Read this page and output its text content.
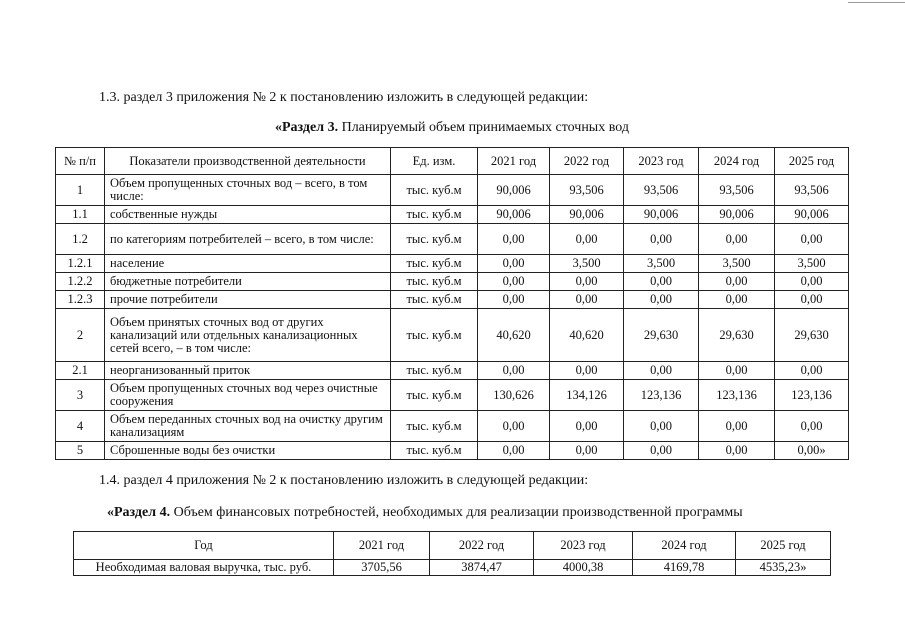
1.3. раздел 3 приложения № 2 к постановлению изложить в следующей редакции:
«Раздел 3. Планируемый объем принимаемых сточных вод
№ п/п	Показатели производственной деятельности	Ед. изм.	2021 год	2022 год	2023 год	2024 год	2025 год
1	Объем пропущенных сточных вод – всего, в том числе:	тыс. куб.м	90,006	93,506	93,506	93,506	93,506
1.1	собственные нужды	тыс. куб.м	90,006	90,006	90,006	90,006	90,006
1.2	по категориям потребителей – всего, в том числе:	тыс. куб.м	0,00	0,00	0,00	0,00	0,00
1.2.1	население	тыс. куб.м	0,00	3,500	3,500	3,500	3,500
1.2.2	бюджетные потребители	тыс. куб.м	0,00	0,00	0,00	0,00	0,00
1.2.3	прочие потребители	тыс. куб.м	0,00	0,00	0,00	0,00	0,00
2	Объем принятых сточных вод от других канализаций или отдельных канализационных сетей всего, – в том числе:	тыс. куб.м	40,620	40,620	29,630	29,630	29,630
2.1	неорганизованный приток	тыс. куб.м	0,00	0,00	0,00	0,00	0,00
3	Объем пропущенных сточных вод через очистные сооружения	тыс. куб.м	130,626	134,126	123,136	123,136	123,136
4	Объем переданных сточных вод на очистку другим канализациям	тыс. куб.м	0,00	0,00	0,00	0,00	0,00
5	Сброшенные воды без очистки	тыс. куб.м	0,00	0,00	0,00	0,00	0,00»
1.4. раздел 4 приложения № 2 к постановлению изложить в следующей редакции:
«Раздел 4. Объем финансовых потребностей, необходимых для реализации производственной программы
Год	2021 год	2022 год	2023 год	2024 год	2025 год
Необходимая валовая выручка, тыс. руб.	3705,56	3874,47	4000,38	4169,78	4535,23»
